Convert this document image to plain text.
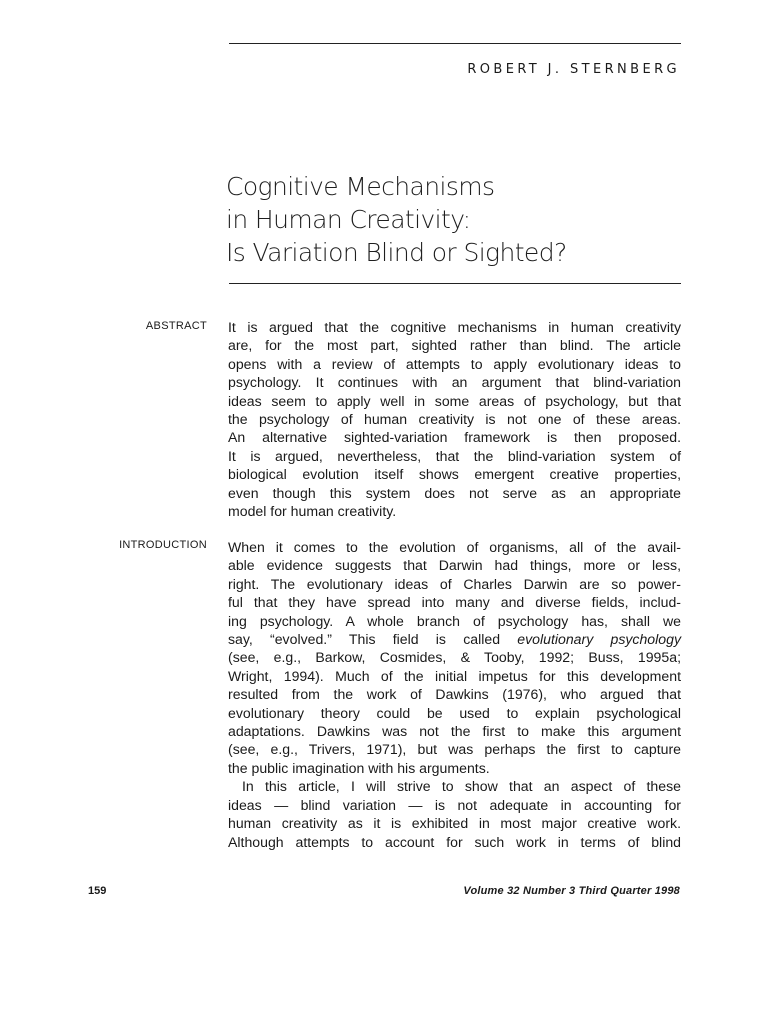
ROBERT J. STERNBERG
Cognitive Mechanisms
in Human Creativity:
Is Variation Blind or Sighted?
ABSTRACT It is argued that the cognitive mechanisms in human creativity
are, for the most part, sighted rather than blind. The article
opens with a review of attempts to apply evolutionary ideas to
psychology. It continues with an argument that blind-variation
ideas seem to apply well in some areas of psychology, but that
the psychology of human creativity is not one of these areas.
An alternative sighted-variation framework is then proposed.
It is argued, nevertheless, that the blind-variation system of
biological evolution itself shows emergent creative properties,
even though this system does not serve as an appropriate
model for human creativity.
INTRODUCTION When it comes to the evolution of organisms, all of the avail-
able evidence suggests that Darwin had things, more or less,
right. The evolutionary ideas of Charles Darwin are so power-
ful that they have spread into many and diverse fields, includ-
ing psychology. A whole branch of psychology has, shall we
say, “evolved.” This field is called evolutionary psychology
(see, e.g., Barkow, Cosmides, & Tooby, 1992; Buss, 1995a;
Wright, 1994). Much of the initial impetus for this development
resulted from the work of Dawkins (1976), who argued that
evolutionary theory could be used to explain psychological
adaptations. Dawkins was not the first to make this argument
(see, e.g., Trivers, 1971), but was perhaps the first to capture
the public imagination with his arguments.
In this article, I will strive to show that an aspect of these
ideas — blind variation — is not adequate in accounting for
human creativity as it is exhibited in most major creative work.
Although attempts to account for such work in terms of blind
159	Volume 32 Number 3 Third Quarter 1998
